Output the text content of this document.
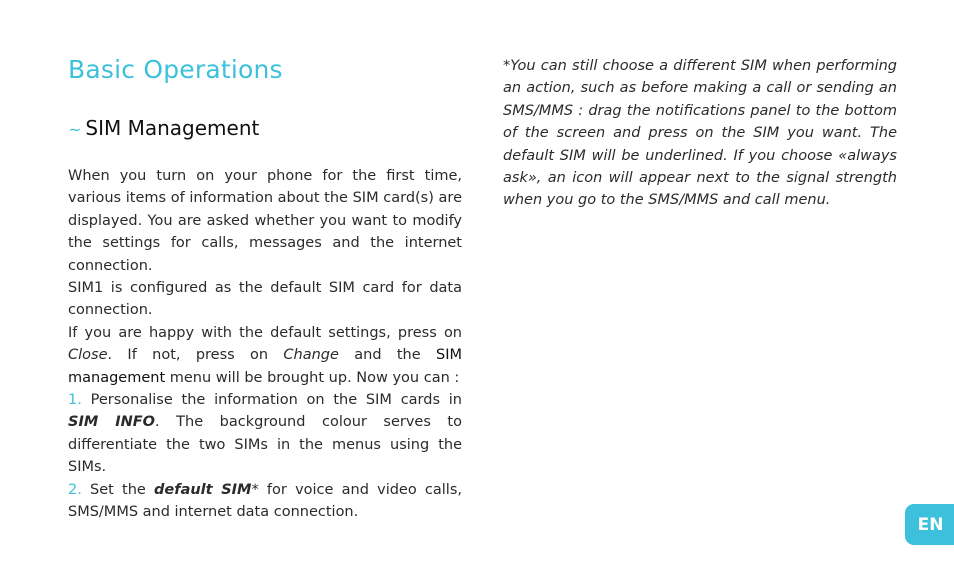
Basic Operations
~ SIM Management

When you turn on your phone for the first time, various items of information about the SIM card(s) are displayed. You are asked whether you want to modify the settings for calls, messages and the internet connection.

SIM1 is configured as the default SIM card for data connection.

If you are happy with the default settings, press on Close. If not, press on Change and the SIM management menu will be brought up. Now you can :

1. Personalise the information on the SIM cards in SIM INFO. The background colour serves to differentiate the two SIMs in the menus using the SIMs.

2. Set the default SIM* for voice and video calls, SMS/MMS and internet data connection.

*You can still choose a different SIM when performing an action, such as before making a call or sending an SMS/MMS : drag the notifications panel to the bottom of the screen and press on the SIM you want. The default SIM will be underlined. If you choose «always ask», an icon will appear next to the signal strength when you go to the SMS/MMS and call menu.

EN
